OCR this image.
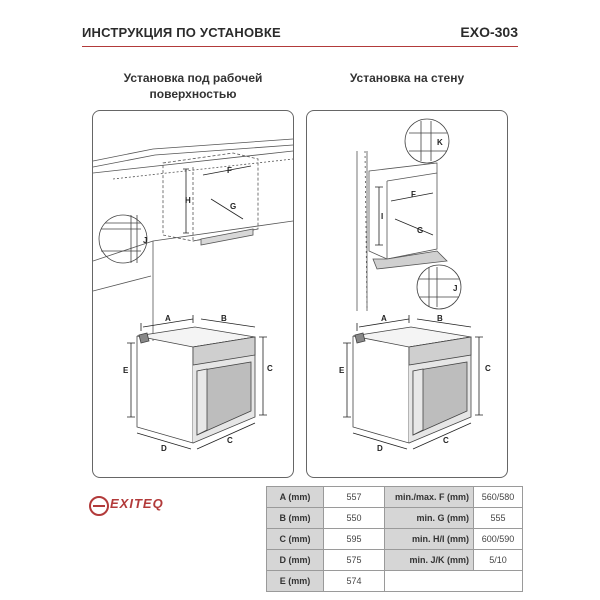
ИНСТРУКЦИЯ ПО УСТАНОВКЕ	EXO-303
Установка под рабочей поверхностью
Установка на стену
H
F
G
J
A	B
E	C
D
C
I
F
G
K
J
A	B
E	C
D
C
EXITEQ	A (mm)	557	min./max. F (mm)	560/580
B (mm)	550	min. G (mm)	555
C (mm)	595	min. H/I (mm)	600/590
D (mm)	575	min. J/K (mm)	5/10
E (mm)	574		
